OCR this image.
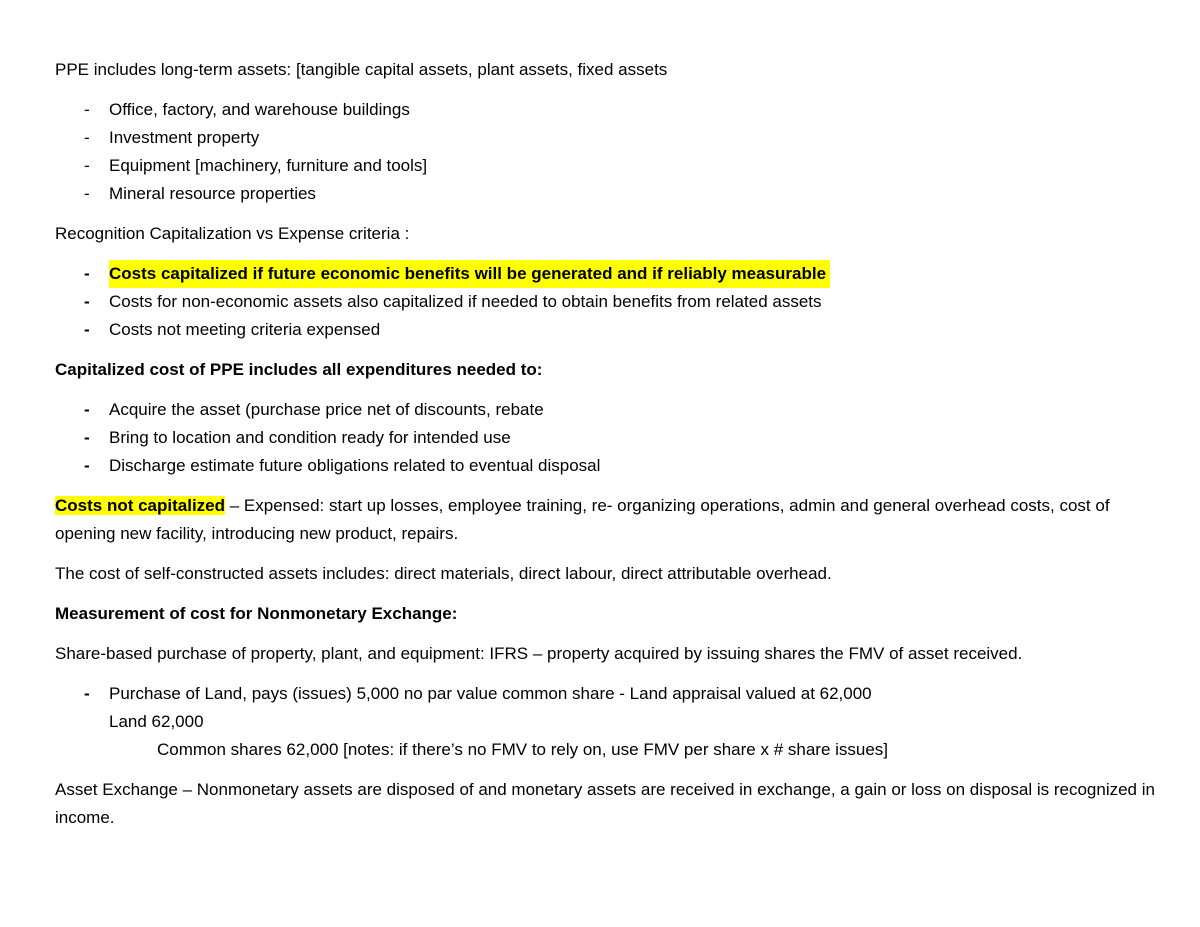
PPE includes long-term assets: [tangible capital assets, plant assets, fixed assets

- Office, factory, and warehouse buildings
- Investment property
- Equipment [machinery, furniture and tools]
- Mineral resource properties

Recognition Capitalization vs Expense criteria :

- Costs capitalized if future economic benefits will be generated and if reliably measurable
- Costs for non-economic assets also capitalized if needed to obtain benefits from related assets
- Costs not meeting criteria expensed

Capitalized cost of PPE includes all expenditures needed to:

- Acquire the asset (purchase price net of discounts, rebate
- Bring to location and condition ready for intended use
- Discharge estimate future obligations related to eventual disposal

Costs not capitalized – Expensed: start up losses, employee training, re- organizing operations, admin and general overhead costs, cost of opening new facility, introducing new product, repairs.

The cost of self-constructed assets includes: direct materials, direct labour, direct attributable overhead.

Measurement of cost for Nonmonetary Exchange:

Share-based purchase of property, plant, and equipment: IFRS – property acquired by issuing shares the FMV of asset received.

- Purchase of Land, pays (issues) 5,000 no par value common share - Land appraisal valued at 62,000
Land 62,000
Common shares 62,000 [notes: if there’s no FMV to rely on, use FMV per share x # share issues]

Asset Exchange – Nonmonetary assets are disposed of and monetary assets are received in exchange, a gain or loss on disposal is recognized in income.
